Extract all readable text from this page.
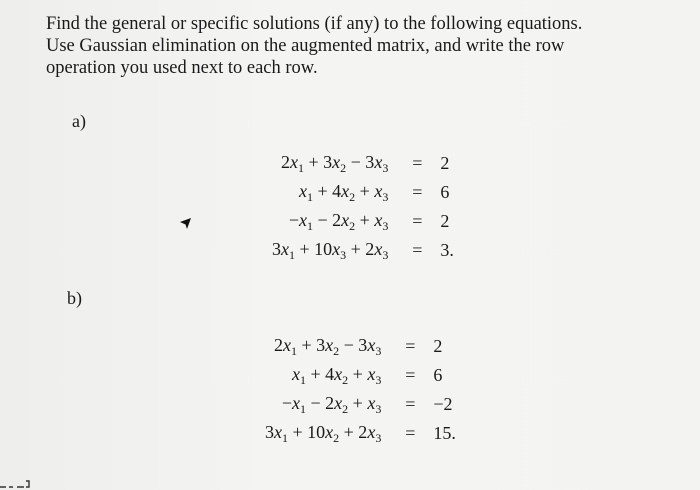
Find the general or specific solutions (if any) to the following equations.

Use Gaussian elimination on the augmented matrix, and write the row

operation you used next to each row.

a)
$2x_1 + 3x_2 - 3x_3$	=	2
$x_1 + 4x_2 + x_3$	=	6
$-x_1 - 2x_2 + x_3$	=	2
$3x_1 + 10x_3 + 2x_3$	=	3.
b)
$2x_1 + 3x_2 - 3x_3$	=	2
$x_1 + 4x_2 + x_3$	=	6
$-x_1 - 2x_2 + x_3$	=	−2
$3x_1 + 10x_2 + 2x_3$	=	15.
